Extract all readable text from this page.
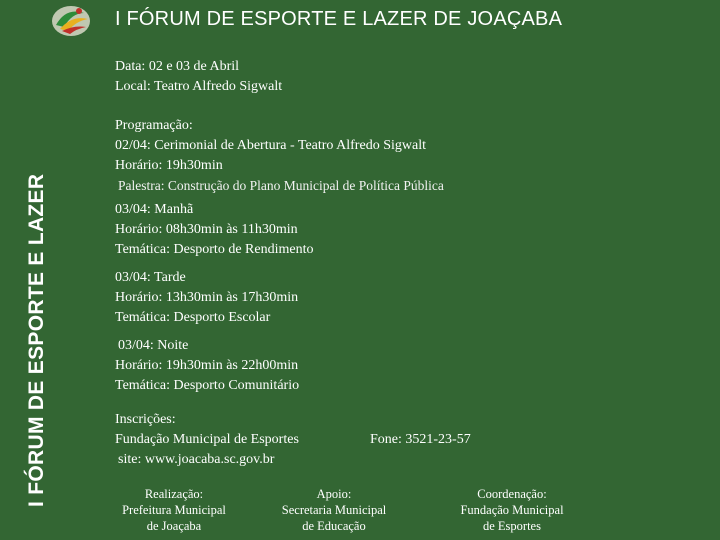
I FÓRUM DE ESPORTE E LAZER DE JOAÇABA
I FÓRUM DE ESPORTE E LAZER
Data: 02 e 03 de Abril
Local: Teatro Alfredo Sigwalt
Programação:
02/04: Cerimonial de Abertura - Teatro Alfredo Sigwalt
Horário: 19h30min
Palestra: Construção do Plano Municipal de Política Pública
03/04: Manhã
Horário: 08h30min às 11h30min
Temática: Desporto de Rendimento
03/04: Tarde
Horário: 13h30min às 17h30min
Temática: Desporto Escolar
03/04: Noite
Horário: 19h30min às 22h00min
Temática: Desporto Comunitário
Inscrições:
Fundação Municipal de Esportes
site: www.joacaba.sc.gov.br
Fone: 3521-23-57
Realização:
Prefeitura Municipal
de Joaçaba
Apoio:
Secretaria Municipal
de Educação
Coordenação:
Fundação Municipal
de Esportes
